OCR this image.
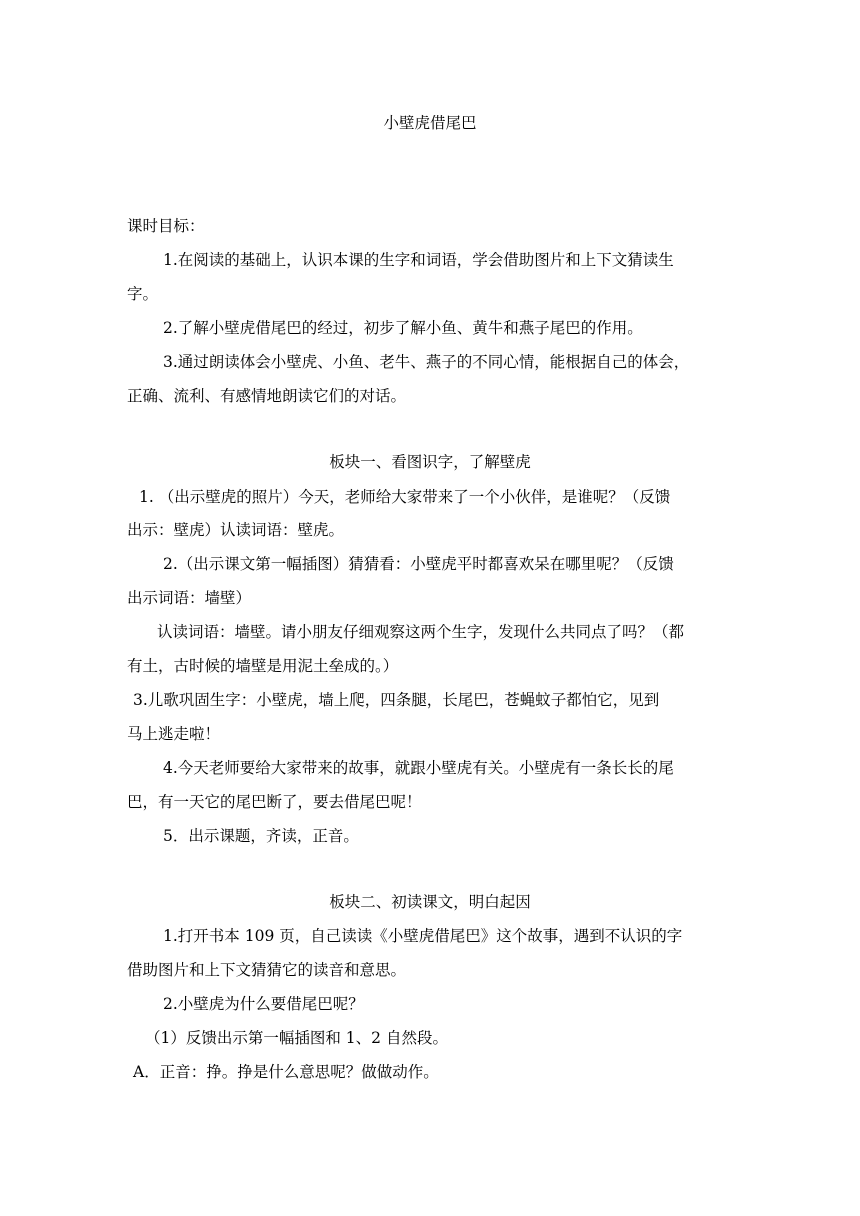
小壁虎借尾巴
课时目标：
1.在阅读的基础上，认识本课的生字和词语，学会借助图片和上下文猜读生
字。
2.了解小壁虎借尾巴的经过，初步了解小鱼、黄牛和燕子尾巴的作用。
3.通过朗读体会小壁虎、小鱼、老牛、燕子的不同心情，能根据自己的体会，
正确、流利、有感情地朗读它们的对话。
板块一、看图识字，了解壁虎
1. （出示壁虎的照片）今天，老师给大家带来了一个小伙伴，是谁呢？（反馈
出示：壁虎）认读词语：壁虎。
2.（出示课文第一幅插图）猜猜看：小壁虎平时都喜欢呆在哪里呢？（反馈
出示词语：墙壁）
认读词语：墙壁。请小朋友仔细观察这两个生字，发现什么共同点了吗？（都
有土，古时候的墙壁是用泥土垒成的。）
3.儿歌巩固生字：小壁虎，墙上爬，四条腿，长尾巴，苍蝇蚊子都怕它，见到
马上逃走啦！
4.今天老师要给大家带来的故事，就跟小壁虎有关。小壁虎有一条长长的尾
巴，有一天它的尾巴断了，要去借尾巴呢！
5．出示课题，齐读，正音。
板块二、初读课文，明白起因
1.打开书本 109 页，自己读读《小壁虎借尾巴》这个故事，遇到不认识的字
借助图片和上下文猜猜它的读音和意思。
2.小壁虎为什么要借尾巴呢？
（1）反馈出示第一幅插图和 1、2 自然段。
A．正音：挣。挣是什么意思呢？做做动作。
